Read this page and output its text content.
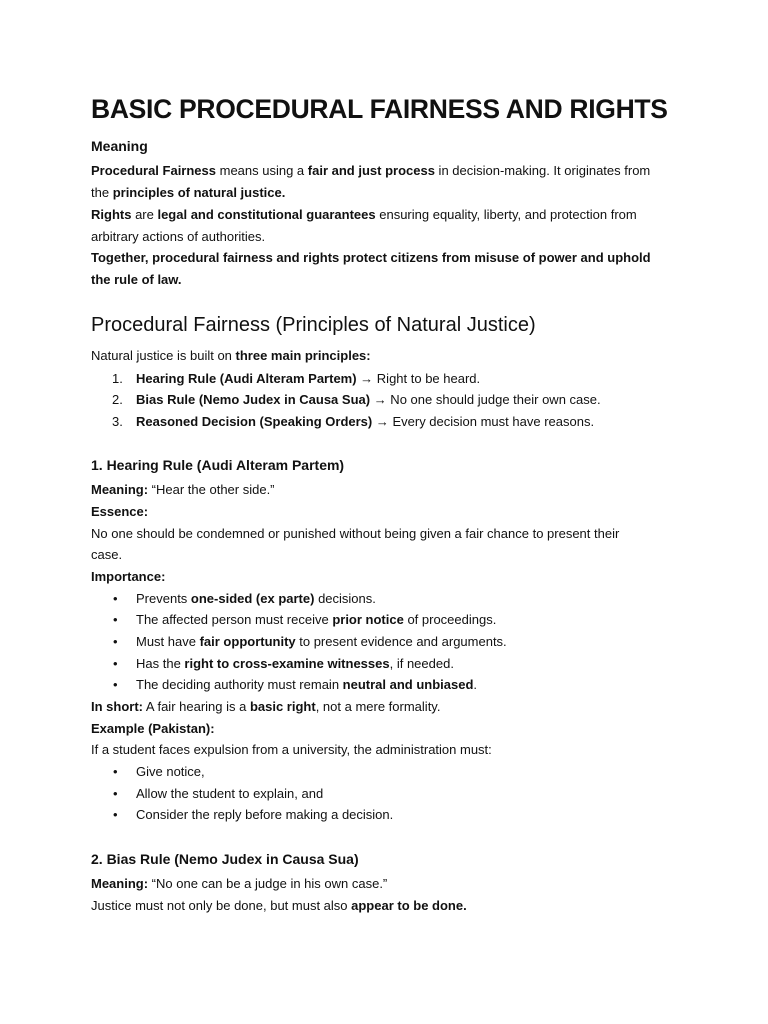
BASIC PROCEDURAL FAIRNESS AND RIGHTS
Meaning
Procedural Fairness means using a fair and just process in decision-making. It originates from
the principles of natural justice.
Rights are legal and constitutional guarantees ensuring equality, liberty, and protection from
arbitrary actions of authorities.
Together, procedural fairness and rights protect citizens from misuse of power and uphold
the rule of law.
Procedural Fairness (Principles of Natural Justice)
Natural justice is built on three main principles:
1. Hearing Rule (Audi Alteram Partem) → Right to be heard.
2. Bias Rule (Nemo Judex in Causa Sua) → No one should judge their own case.
3. Reasoned Decision (Speaking Orders) → Every decision must have reasons.
1. Hearing Rule (Audi Alteram Partem)
Meaning: “Hear the other side.”
Essence:
No one should be condemned or punished without being given a fair chance to present their
case.
Importance:
• Prevents one-sided (ex parte) decisions.
• The affected person must receive prior notice of proceedings.
• Must have fair opportunity to present evidence and arguments.
• Has the right to cross-examine witnesses, if needed.
• The deciding authority must remain neutral and unbiased.
In short: A fair hearing is a basic right, not a mere formality.
Example (Pakistan):
If a student faces expulsion from a university, the administration must:
• Give notice,
• Allow the student to explain, and
• Consider the reply before making a decision.
2. Bias Rule (Nemo Judex in Causa Sua)
Meaning: “No one can be a judge in his own case.”
Justice must not only be done, but must also appear to be done.
